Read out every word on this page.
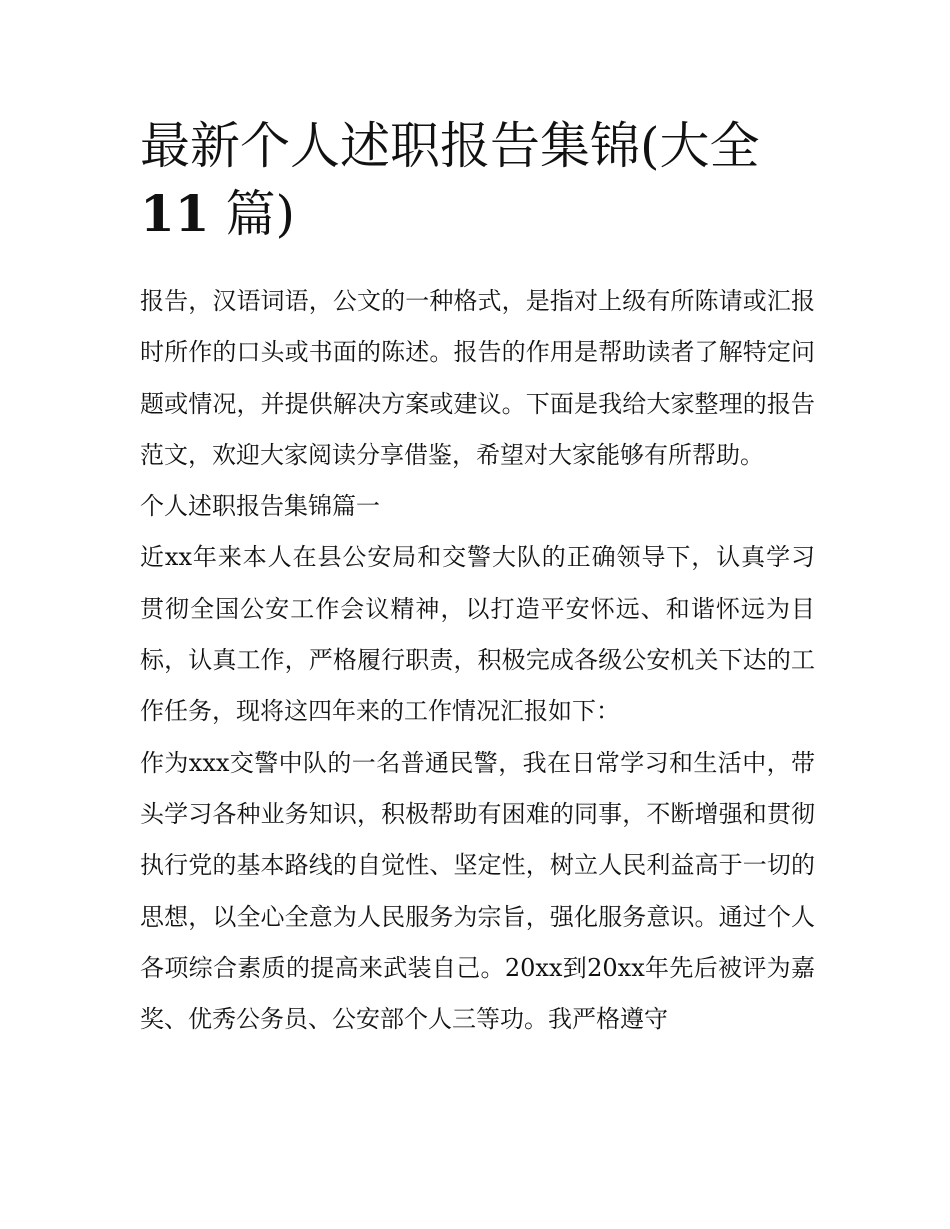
最新个人述职报告集锦(大全
11 篇)

报告，汉语词语，公文的一种格式，是指对上级有所陈请或汇报时所作的口头或书面的陈述。报告的作用是帮助读者了解特定问题或情况，并提供解决方案或建议。下面是我给大家整理的报告范文，欢迎大家阅读分享借鉴，希望对大家能够有所帮助。

个人述职报告集锦篇一

近xx年来本人在县公安局和交警大队的正确领导下，认真学习贯彻全国公安工作会议精神，以打造平安怀远、和谐怀远为目标，认真工作，严格履行职责，积极完成各级公安机关下达的工作任务，现将这四年来的工作情况汇报如下：

作为xxx交警中队的一名普通民警，我在日常学习和生活中，带头学习各种业务知识，积极帮助有困难的同事，不断增强和贯彻执行党的基本路线的自觉性、坚定性，树立人民利益高于一切的思想，以全心全意为人民服务为宗旨，强化服务意识。通过个人各项综合素质的提高来武装自己。20xx到20xx年先后被评为嘉奖、优秀公务员、公安部个人三等功。我严格遵守
